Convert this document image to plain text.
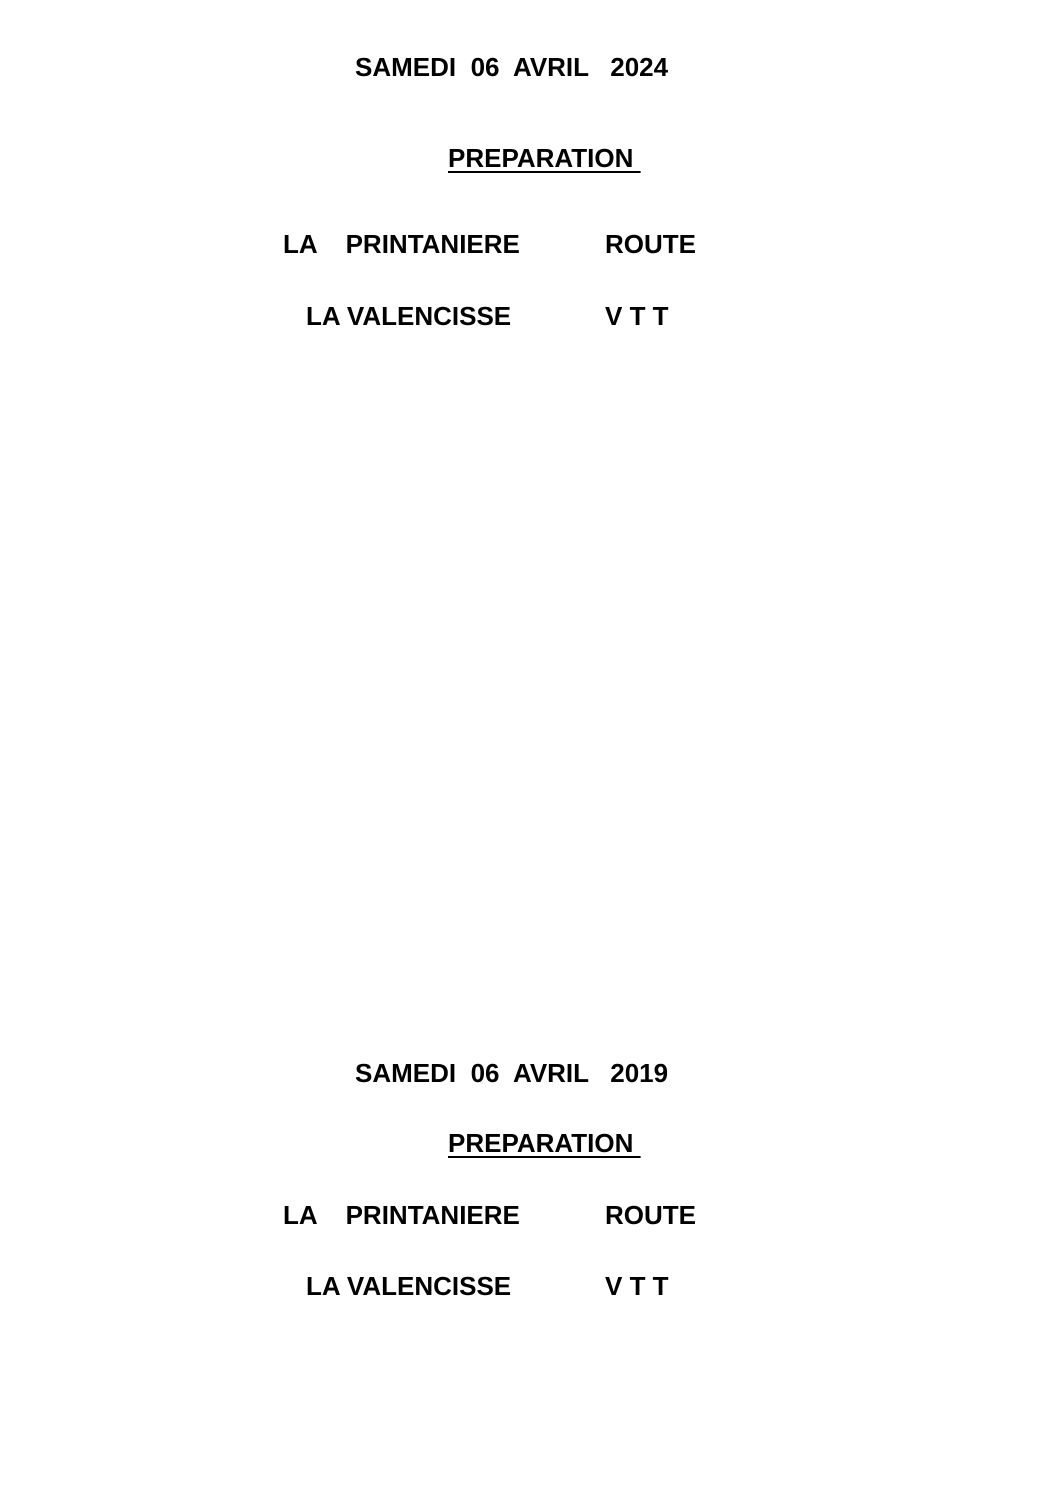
SAMEDI  06  AVRIL   2024

PREPARATION

LA    PRINTANIERE	ROUTE

LA VALENCISSE	V T T

SAMEDI  06  AVRIL   2019

PREPARATION

LA    PRINTANIERE	ROUTE

LA VALENCISSE	V T T
